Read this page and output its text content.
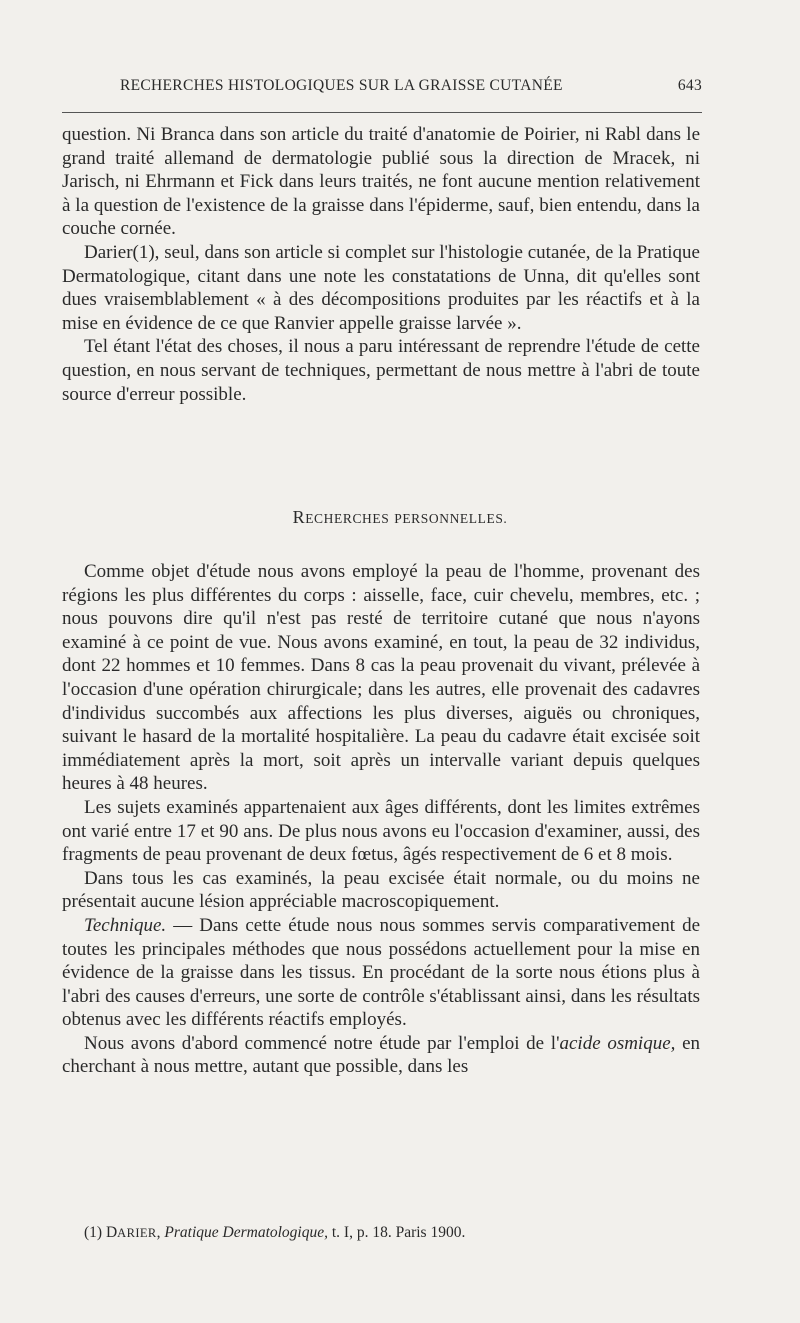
RECHERCHES HISTOLOGIQUES SUR LA GRAISSE CUTANÉE	643

question. Ni Branca dans son article du traité d'anatomie de Poirier, ni Rabl dans le grand traité allemand de dermatologie publié sous la direction de Mracek, ni Jarisch, ni Ehrmann et Fick dans leurs traités, ne font aucune mention relativement à la question de l'existence de la graisse dans l'épiderme, sauf, bien entendu, dans la couche cornée.

Darier(1), seul, dans son article si complet sur l'histologie cutanée, de la Pratique Dermatologique, citant dans une note les constatations de Unna, dit qu'elles sont dues vraisemblablement « à des décompositions produites par les réactifs et à la mise en évidence de ce que Ranvier appelle graisse larvée ».

Tel étant l'état des choses, il nous a paru intéressant de reprendre l'étude de cette question, en nous servant de techniques, permettant de nous mettre à l'abri de toute source d'erreur possible.

RECHERCHES PERSONNELLES.

Comme objet d'étude nous avons employé la peau de l'homme, provenant des régions les plus différentes du corps : aisselle, face, cuir chevelu, membres, etc. ; nous pouvons dire qu'il n'est pas resté de territoire cutané que nous n'ayons examiné à ce point de vue. Nous avons examiné, en tout, la peau de 32 individus, dont 22 hommes et 10 femmes. Dans 8 cas la peau provenait du vivant, prélevée à l'occasion d'une opération chirurgicale; dans les autres, elle provenait des cadavres d'individus succombés aux affections les plus diverses, aiguës ou chroniques, suivant le hasard de la mortalité hospitalière. La peau du cadavre était excisée soit immédiatement après la mort, soit après un intervalle variant depuis quelques heures à 48 heures.

Les sujets examinés appartenaient aux âges différents, dont les limites extrêmes ont varié entre 17 et 90 ans. De plus nous avons eu l'occasion d'examiner, aussi, des fragments de peau provenant de deux fœtus, âgés respectivement de 6 et 8 mois.

Dans tous les cas examinés, la peau excisée était normale, ou du moins ne présentait aucune lésion appréciable macroscopiquement.

Technique. — Dans cette étude nous nous sommes servis comparativement de toutes les principales méthodes que nous possédons actuellement pour la mise en évidence de la graisse dans les tissus. En procédant de la sorte nous étions plus à l'abri des causes d'erreurs, une sorte de contrôle s'établissant ainsi, dans les résultats obtenus avec les différents réactifs employés.

Nous avons d'abord commencé notre étude par l'emploi de l'acide osmique, en cherchant à nous mettre, autant que possible, dans les

(1) DARIER, Pratique Dermatologique, t. I, p. 18. Paris 1900.
